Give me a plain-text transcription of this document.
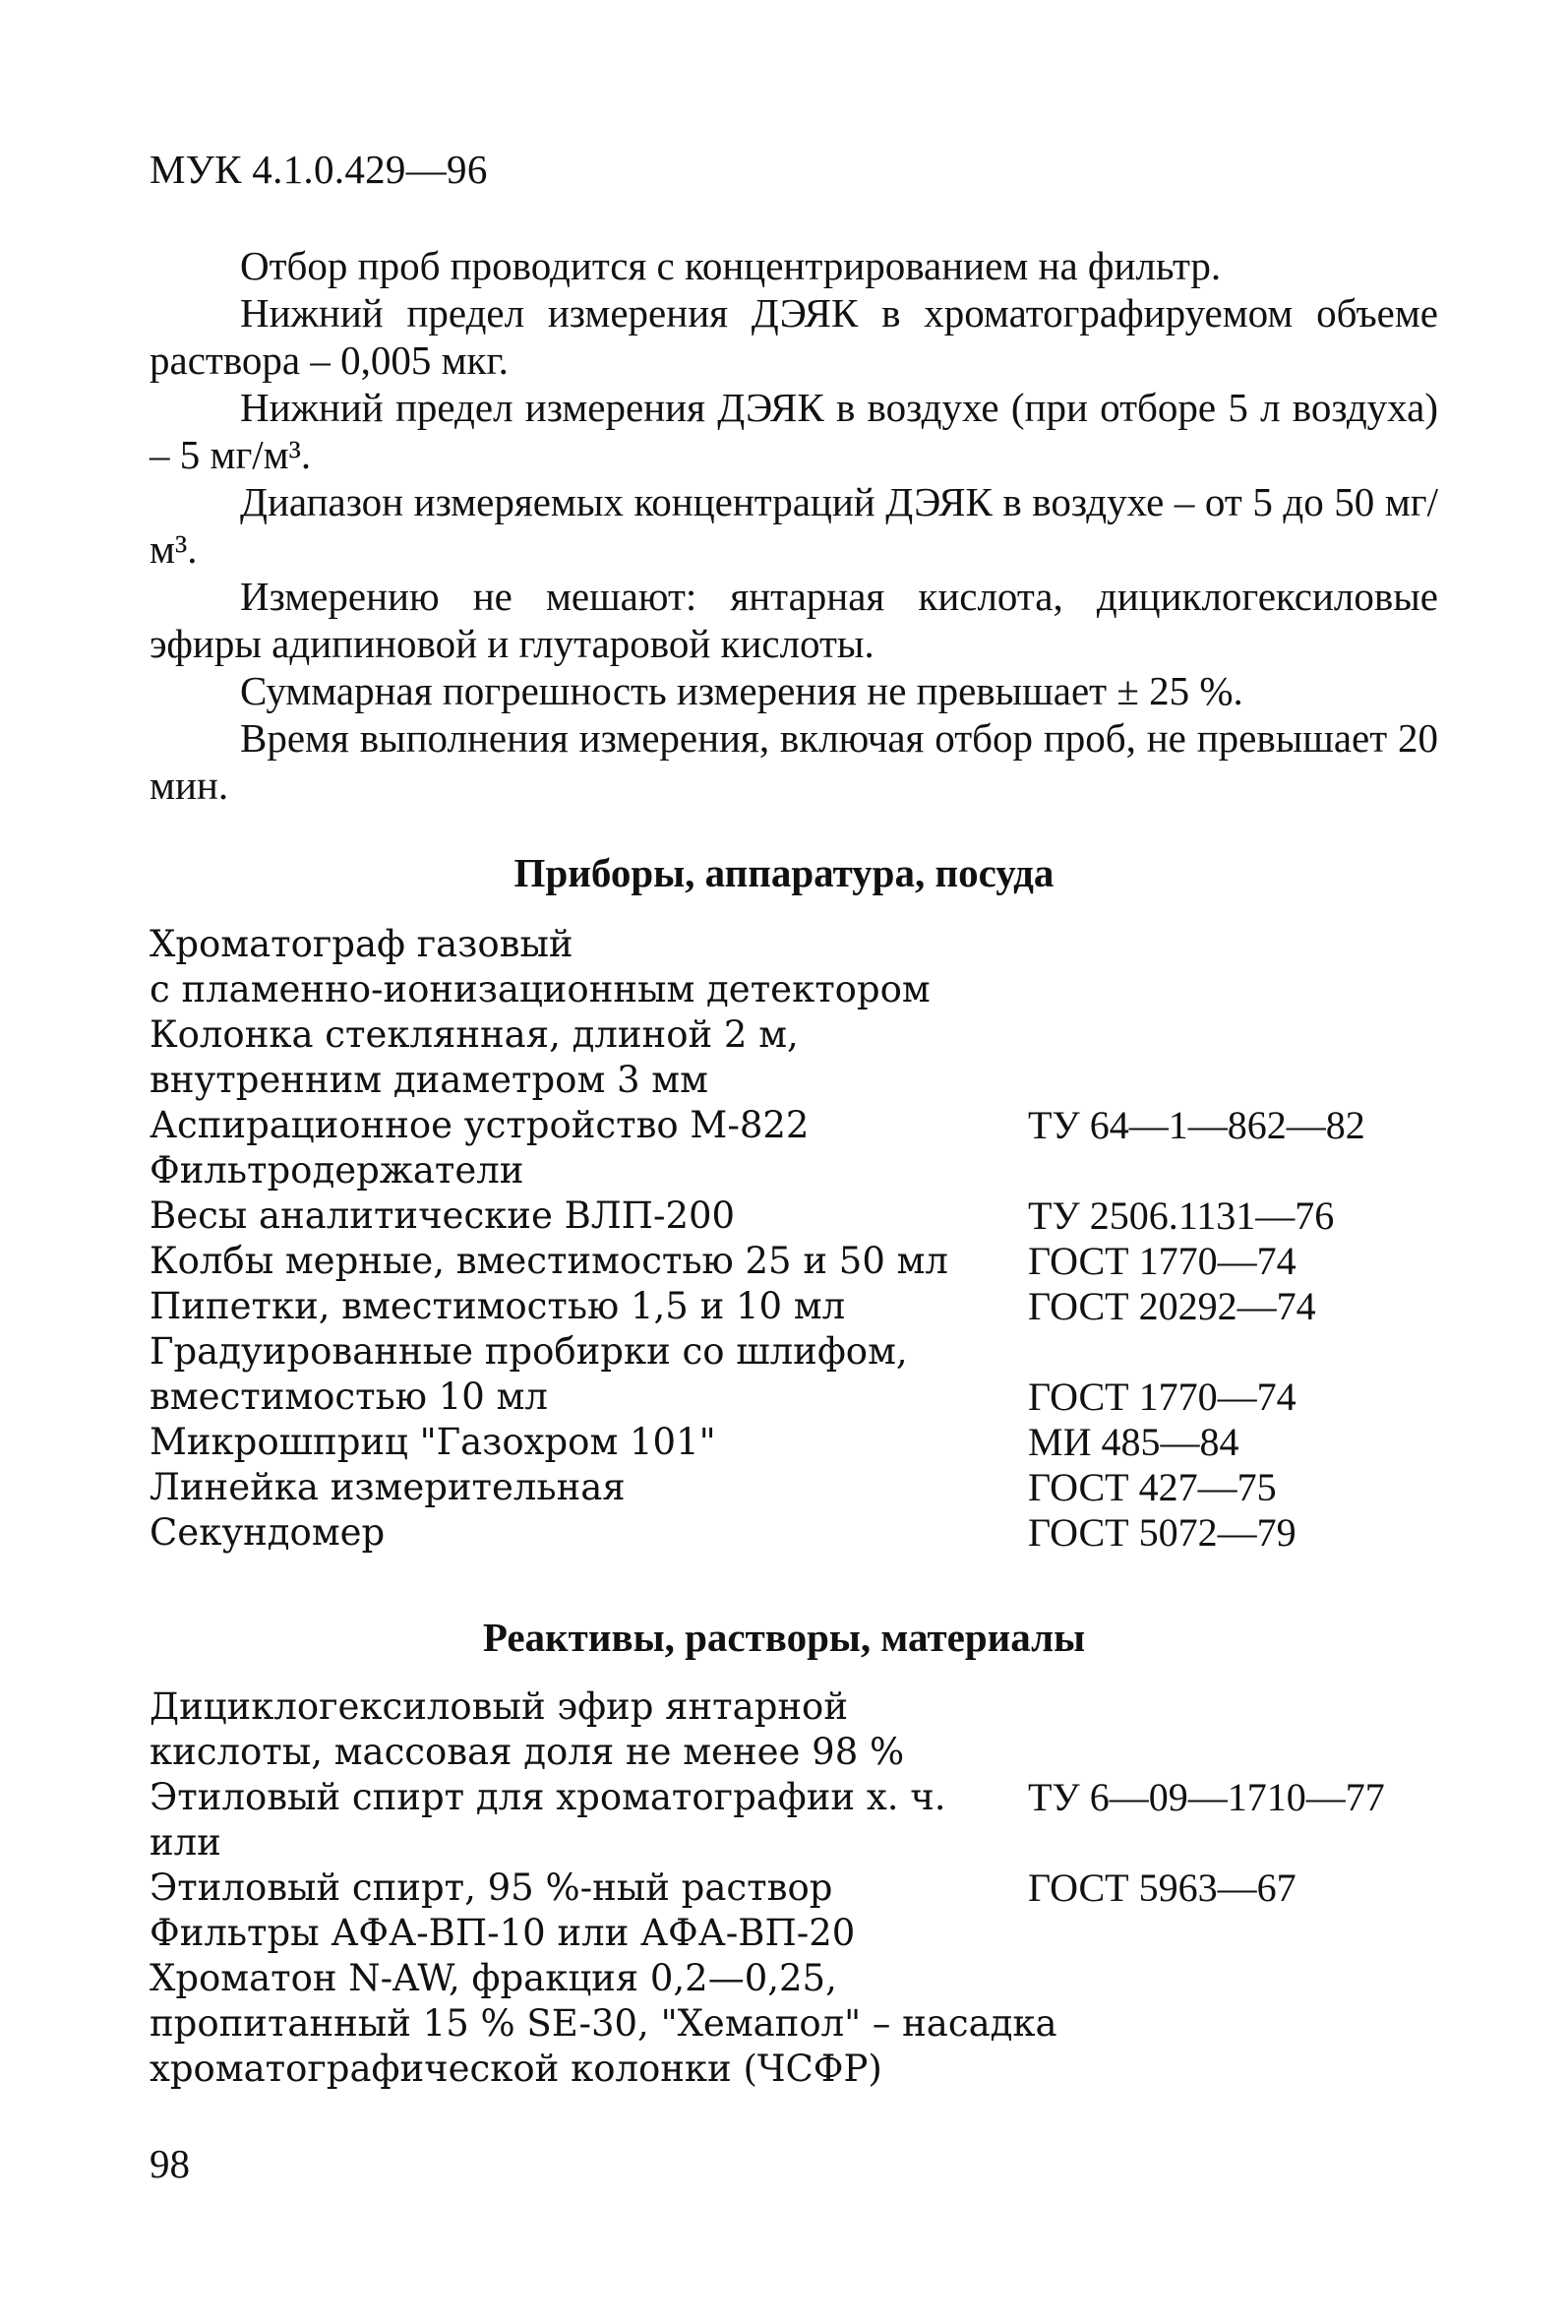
МУК 4.1.0.429—96

Отбор проб проводится с концентрированием на фильтр.

Нижний предел измерения ДЭЯК в хроматографируемом объеме раствора – 0,005 мкг.

Нижний предел измерения ДЭЯК в воздухе (при отборе 5 л воздуха) – 5 мг/м³.

Диапазон измеряемых концентраций ДЭЯК в воздухе – от 5 до 50 мг/м³.

Измерению не мешают: янтарная кислота, дициклогексиловые эфиры адипиновой и глутаровой кислоты.

Суммарная погрешность измерения не превышает ± 25 %.

Время выполнения измерения, включая отбор проб, не превышает 20 мин.

Приборы, аппаратура, посуда
Хроматограф газовый
с пламенно-ионизационным детектором
Колонка стеклянная, длиной 2 м,
внутренним диаметром 3 мм
Аспирационное устройство М-822	ТУ 64—1—862—82
Фильтродержатели
Весы аналитические ВЛП-200	ТУ 2506.1131—76
Колбы мерные, вместимостью 25 и 50 мл	ГОСТ 1770—74
Пипетки, вместимостью 1,5 и 10 мл	ГОСТ 20292—74
Градуированные пробирки со шлифом,
вместимостью 10 мл	ГОСТ 1770—74
Микрошприц "Газохром 101"	МИ 485—84
Линейка измерительная	ГОСТ 427—75
Секундомер	ГОСТ 5072—79
Реактивы, растворы, материалы
Дициклогексиловый эфир янтарной
кислоты, массовая доля не менее 98 %
Этиловый спирт для хроматографии х. ч.	ТУ 6—09—1710—77
или
Этиловый спирт, 95 %-ный раствор	ГОСТ 5963—67
Фильтры АФА-ВП-10 или АФА-ВП-20
Хроматон N-AW, фракция 0,2—0,25,
пропитанный 15 % SE-30, "Хемапол" – насадка
хроматографической колонки (ЧСФР)
98
